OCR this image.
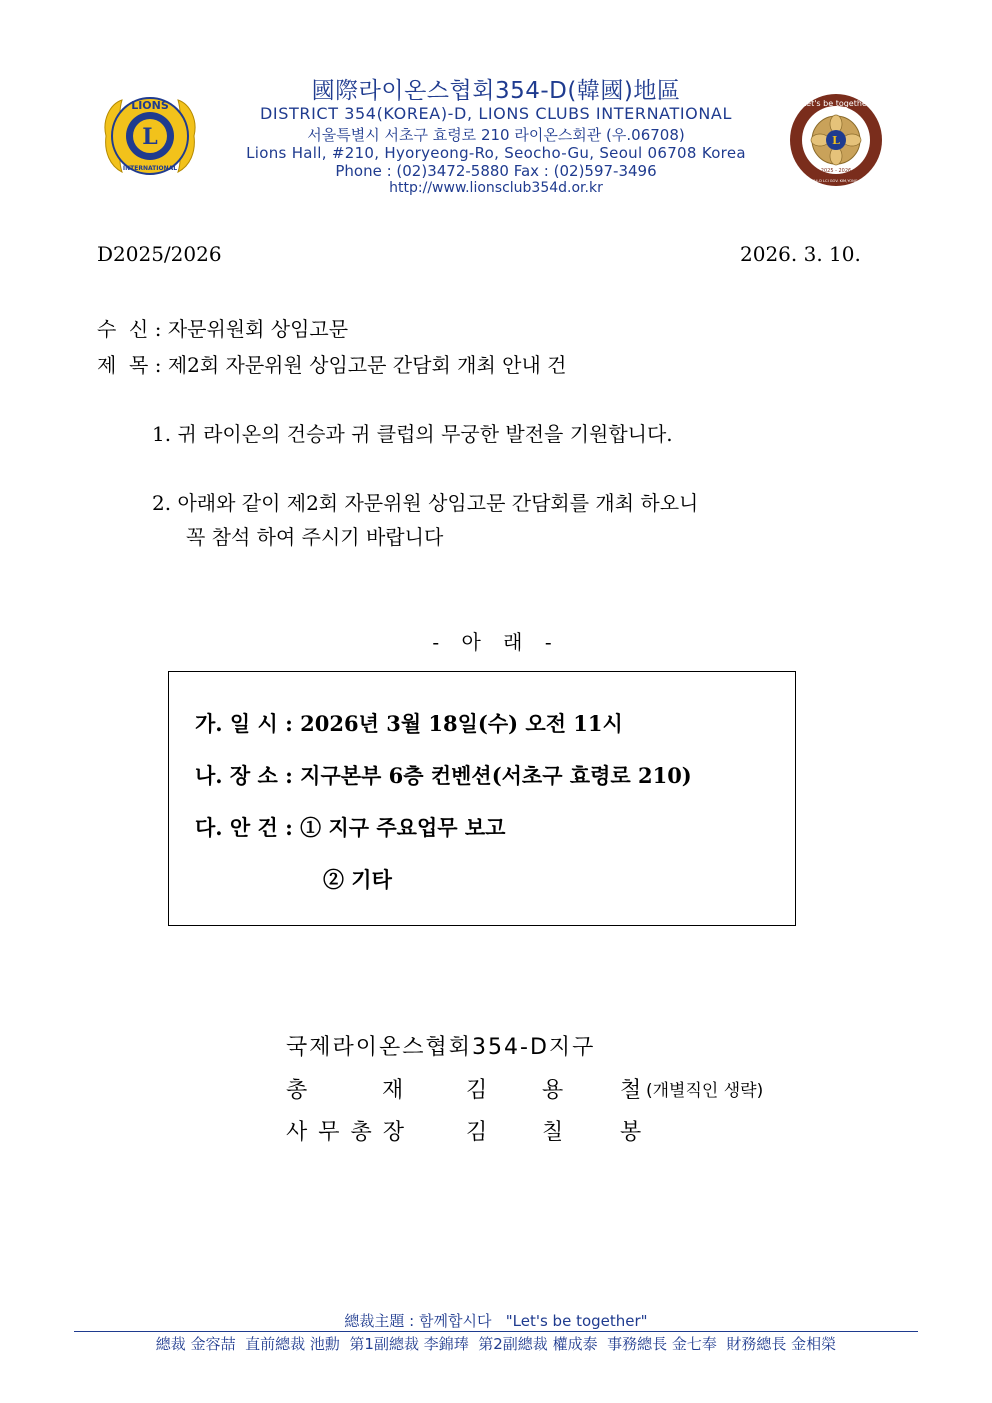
L
LIONS
INTERNATIONAL
L
Let's be together
2025 - 2026
DIST. 354-D LCI GOV. KIM,YONG-CHEOL
國際라이온스협회354-D(韓國)地區
DISTRICT 354(KOREA)-D, LIONS CLUBS INTERNATIONAL
서울특별시 서초구 효령로 210 라이온스회관 (우.06708)
Lions Hall, #210, Hyoryeong-Ro, Seocho-Gu, Seoul 06708 Korea
Phone : (02)3472-5880 Fax : (02)597-3496
http://www.lionsclub354d.or.kr
D2025/2026	2026. 3. 10.
수  신 : 자문위원회 상임고문
제  목 : 제2회 자문위원 상임고문 간담회 개최 안내 건
1. 귀 라이온의 건승과 귀 클럽의 무궁한 발전을 기원합니다.
2. 아래와 같이 제2회 자문위원 상임고문 간담회를 개최 하오니
꼭 참석 하여 주시기 바랍니다
- 아 래 -
가. 일 시 : 2026년 3월 18일(수) 오전 11시
나. 장 소 : 지구본부 6층 컨벤션(서초구 효령로 210)
다. 안 건 : ① 지구 주요업무 보고
② 기타
국제라이온스협회354-D지구
총	재	김 용	철 (개별직인 생략)
사 무 총 장	김 칠	봉
總裁主題 : 함께합시다   "Let's be together"
總裁 金容喆  直前總裁 池勳  第1副總裁 李錦琫  第2副總裁 權成泰  事務總長 金七奉  財務總長 金相榮
